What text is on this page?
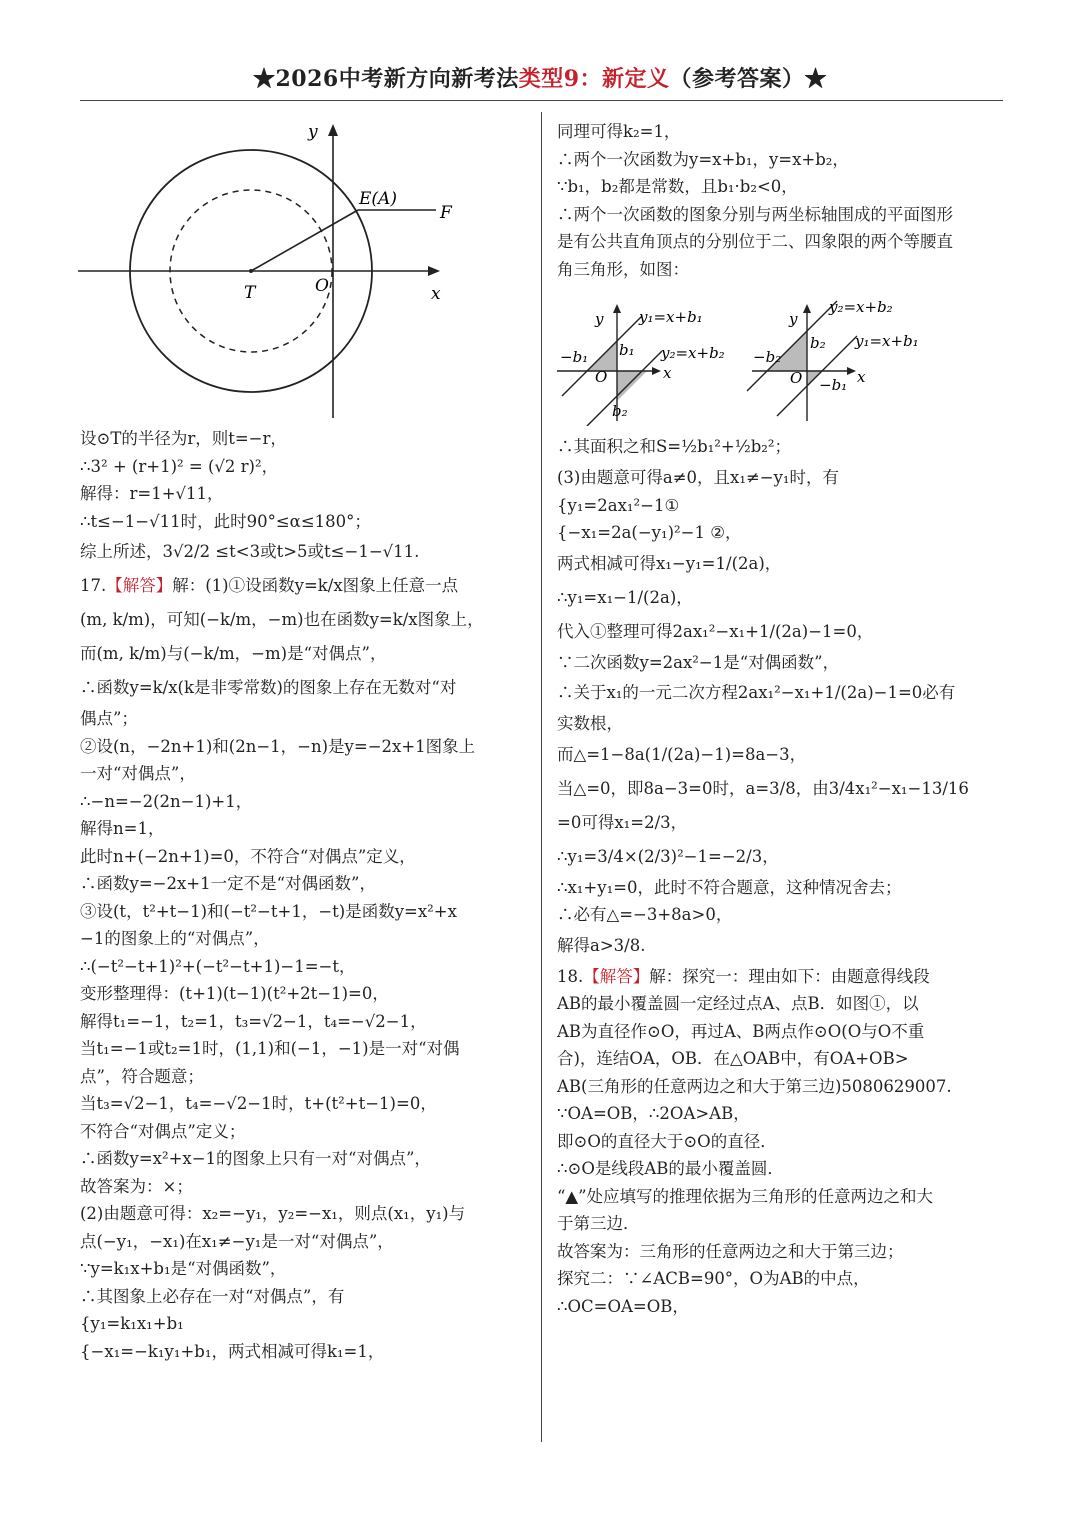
★2026中考新方向新考法类型9：新定义（参考答案）★
y
x
T	O
E(A)
F
设⊙T的半径为r，则t=−r，
∴3² + (r+1)² = (√2 r)²，
解得：r=1+√11，
∴t≤−1−√11时，此时90°≤α≤180°；
综上所述，3√2/2 ≤t<3或t>5或t≤−1−√11.
17.【解答】解：(1)①设函数y=k/x图象上任意一点
(m, k/m)，可知(−k/m，−m)也在函数y=k/x图象上，
而(m, k/m)与(−k/m，−m)是“对偶点”，
∴函数y=k/x(k是非零常数)的图象上存在无数对“对
偶点”；
②设(n，−2n+1)和(2n−1，−n)是y=−2x+1图象上
一对“对偶点”，
∴−n=−2(2n−1)+1，
解得n=1，
此时n+(−2n+1)=0，不符合“对偶点”定义，
∴函数y=−2x+1一定不是“对偶函数”，
③设(t，t²+t−1)和(−t²−t+1，−t)是函数y=x²+x
−1的图象上的“对偶点”，
∴(−t²−t+1)²+(−t²−t+1)−1=−t，
变形整理得：(t+1)(t−1)(t²+2t−1)=0，
解得t₁=−1，t₂=1，t₃=√2−1，t₄=−√2−1，
当t₁=−1或t₂=1时，(1,1)和(−1，−1)是一对“对偶
点”，符合题意；
当t₃=√2−1，t₄=−√2−1时，t+(t²+t−1)=0，
不符合“对偶点”定义；
∴函数y=x²+x−1的图象上只有一对“对偶点”，
故答案为：×；
(2)由题意可得：x₂=−y₁，y₂=−x₁，则点(x₁，y₁)与
点(−y₁，−x₁)在x₁≠−y₁是一对“对偶点”，
∵y=k₁x+b₁是“对偶函数”，
∴其图象上必存在一对“对偶点”，有
{y₁=k₁x₁+b₁
{−x₁=−k₁y₁+b₁，两式相减可得k₁=1，
同理可得k₂=1，
∴两个一次函数为y=x+b₁，y=x+b₂，
∵b₁，b₂都是常数，且b₁·b₂<0，
∴两个一次函数的图象分别与两坐标轴围成的平面图形
是有公共直角顶点的分别位于二、四象限的两个等腰直
角三角形，如图：
y
x
O
y₁=x+b₁
y₂=x+b₂
−b₁ b₁
b₂
y
x
O
y₂=x+b₂
y₁=x+b₁
−b₂
b₂
−b₁
∴其面积之和S=½b₁²+½b₂²；
(3)由题意可得a≠0，且x₁≠−y₁时，有
{y₁=2ax₁²−1①
{−x₁=2a(−y₁)²−1 ②，
两式相减可得x₁−y₁=1/(2a)，
∴y₁=x₁−1/(2a)，
代入①整理可得2ax₁²−x₁+1/(2a)−1=0，
∵二次函数y=2ax²−1是“对偶函数”，
∴关于x₁的一元二次方程2ax₁²−x₁+1/(2a)−1=0必有
实数根，
而△=1−8a(1/(2a)−1)=8a−3，
当△=0，即8a−3=0时，a=3/8，由3/4x₁²−x₁−13/16
=0可得x₁=2/3，
∴y₁=3/4×(2/3)²−1=−2/3，
∴x₁+y₁=0，此时不符合题意，这种情况舍去；
∴必有△=−3+8a>0，
解得a>3/8.
18.【解答】解：探究一：理由如下：由题意得线段
AB的最小覆盖圆一定经过点A、点B．如图①，以
AB为直径作⊙O，再过A、B两点作⊙O(O与O不重
合)，连结OA，OB．在△OAB中，有OA+OB>
AB(三角形的任意两边之和大于第三边)5080629007.
∵OA=OB，∴2OA>AB，
即⊙O的直径大于⊙O的直径．
∴⊙O是线段AB的最小覆盖圆．
“▲”处应填写的推理依据为三角形的任意两边之和大
于第三边．
故答案为：三角形的任意两边之和大于第三边；
探究二：∵∠ACB=90°，O为AB的中点，
∴OC=OA=OB，
